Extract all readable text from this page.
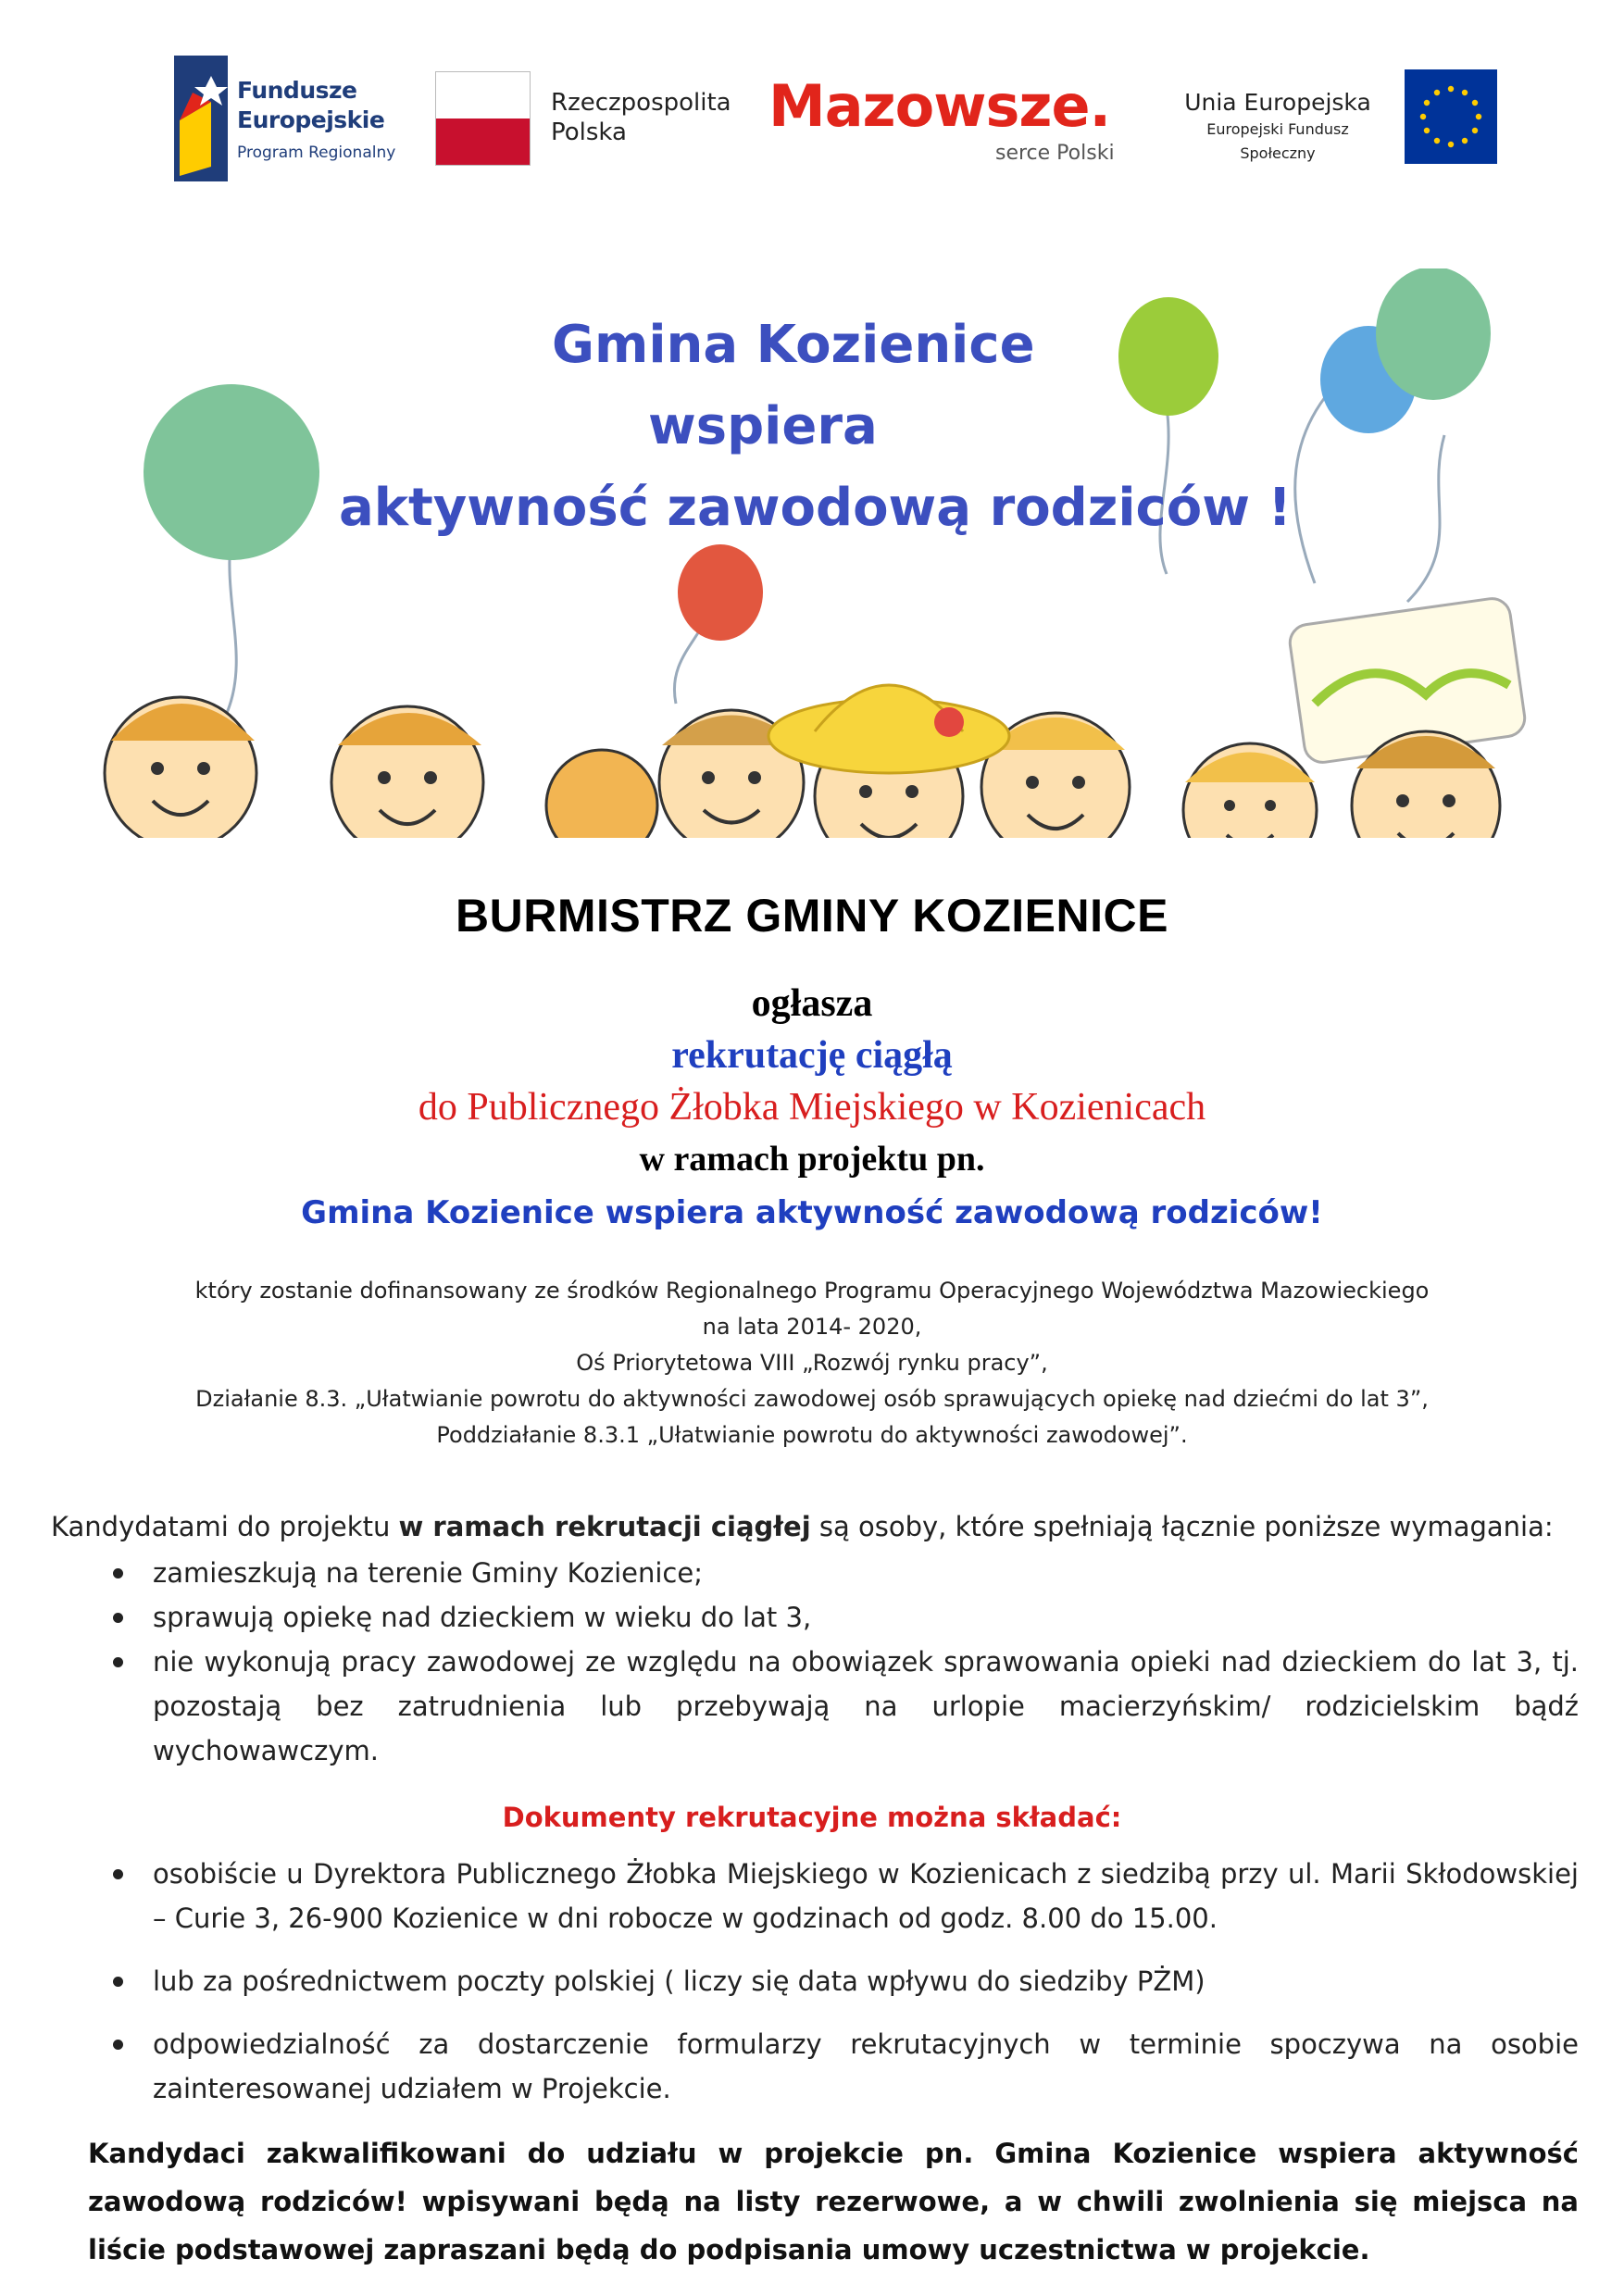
Fundusze
Europejskie
Program Regionalny
Rzeczpospolita
Polska	Mazowsze.
serce Polski
Unia Europejska
Europejski Fundusz Społeczny
Gmina Kozienice
wspiera
aktywność zawodową rodziców !
BURMISTRZ GMINY KOZIENICE
ogłasza
rekrutację ciągłą
do Publicznego Żłobka Miejskiego w Kozienicach
w ramach projektu pn.
Gmina Kozienice wspiera aktywność zawodową rodziców!
który zostanie dofinansowany ze środków Regionalnego Programu Operacyjnego Województwa Mazowieckiego
na lata 2014- 2020,
Oś Priorytetowa VIII „Rozwój rynku pracy”,
Działanie 8.3. „Ułatwianie powrotu do aktywności zawodowej osób sprawujących opiekę nad dziećmi do lat 3”,
Poddziałanie 8.3.1 „Ułatwianie powrotu do aktywności zawodowej”.
Kandydatami do projektu w ramach rekrutacji ciągłej są osoby, które spełniają łącznie poniższe wymagania:
zamieszkują na terenie Gminy Kozienice;
sprawują opiekę nad dzieckiem w wieku do lat 3,
nie wykonują pracy zawodowej ze względu na obowiązek sprawowania opieki nad dzieckiem do lat 3, tj. pozostają bez zatrudnienia lub przebywają na urlopie macierzyńskim/ rodzicielskim bądź wychowawczym.
Dokumenty rekrutacyjne można składać:
osobiście u Dyrektora Publicznego Żłobka Miejskiego w Kozienicach z siedzibą przy ul. Marii Skłodowskiej – Curie 3, 26-900 Kozienice w dni robocze w godzinach od godz. 8.00 do 15.00.
lub za pośrednictwem poczty polskiej ( liczy się data wpływu do siedziby PŻM)
odpowiedzialność za dostarczenie formularzy rekrutacyjnych w terminie spoczywa na osobie zainteresowanej udziałem w Projekcie.
Kandydaci zakwalifikowani do udziału w projekcie pn. Gmina Kozienice wspiera aktywność zawodową rodziców! wpisywani będą na listy rezerwowe, a w chwili zwolnienia się miejsca na liście podstawowej zapraszani będą do podpisania umowy uczestnictwa w projekcie.
